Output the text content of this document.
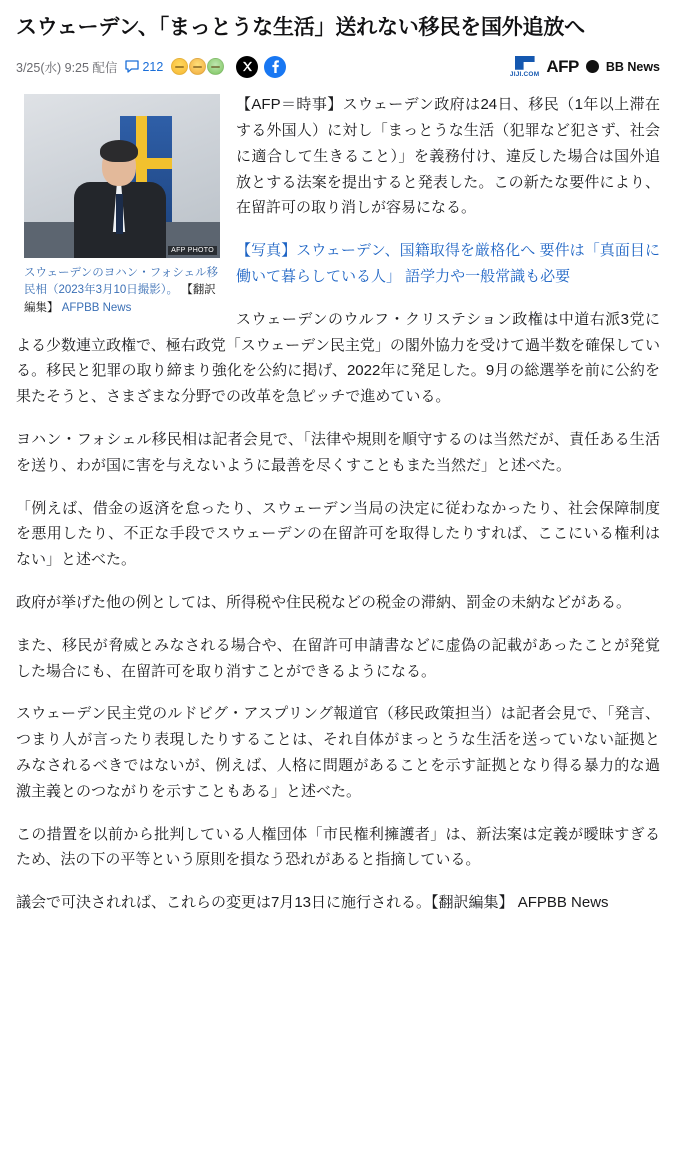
スウェーデン、「まっとうな生活」送れない移民を国外追放へ
3/25(水) 9:25 配信 212
JIJI.COM AFP BB News
AFP PHOTO
スウェーデンのヨハン・フォシェル移民相（2023年3月10日撮影）。 【翻訳編集】 AFPBB News

【AFP＝時事】スウェーデン政府は24日、移民（1年以上滞在する外国人）に対し「まっとうな生活（犯罪など犯さず、社会に適合して生きること）」を義務付け、違反した場合は国外追放とする法案を提出すると発表した。この新たな要件により、在留許可の取り消しが容易になる。

【写真】スウェーデン、国籍取得を厳格化へ 要件は「真面目に働いて暮らしている人」 語学力や一般常識も必要

スウェーデンのウルフ・クリステション政権は中道右派3党による少数連立政権で、極右政党「スウェーデン民主党」の閣外協力を受けて過半数を確保している。移民と犯罪の取り締まり強化を公約に掲げ、2022年に発足した。9月の総選挙を前に公約を果たそうと、さまざまな分野での改革を急ピッチで進めている。

ヨハン・フォシェル移民相は記者会見で、「法律や規則を順守するのは当然だが、責任ある生活を送り、わが国に害を与えないように最善を尽くすこともまた当然だ」と述べた。

「例えば、借金の返済を怠ったり、スウェーデン当局の決定に従わなかったり、社会保障制度を悪用したり、不正な手段でスウェーデンの在留許可を取得したりすれば、ここにいる権利はない」と述べた。

政府が挙げた他の例としては、所得税や住民税などの税金の滞納、罰金の未納などがある。

また、移民が脅威とみなされる場合や、在留許可申請書などに虚偽の記載があったことが発覚した場合にも、在留許可を取り消すことができるようになる。

スウェーデン民主党のルドビグ・アスプリング報道官（移民政策担当）は記者会見で、「発言、つまり人が言ったり表現したりすることは、それ自体がまっとうな生活を送っていない証拠とみなされるべきではないが、例えば、人格に問題があることを示す証拠となり得る暴力的な過激主義とのつながりを示すこともある」と述べた。

この措置を以前から批判している人権団体「市民権利擁護者」は、新法案は定義が曖昧すぎるため、法の下の平等という原則を損なう恐れがあると指摘している。

議会で可決されれば、これらの変更は7月13日に施行される。【翻訳編集】 AFPBB News
